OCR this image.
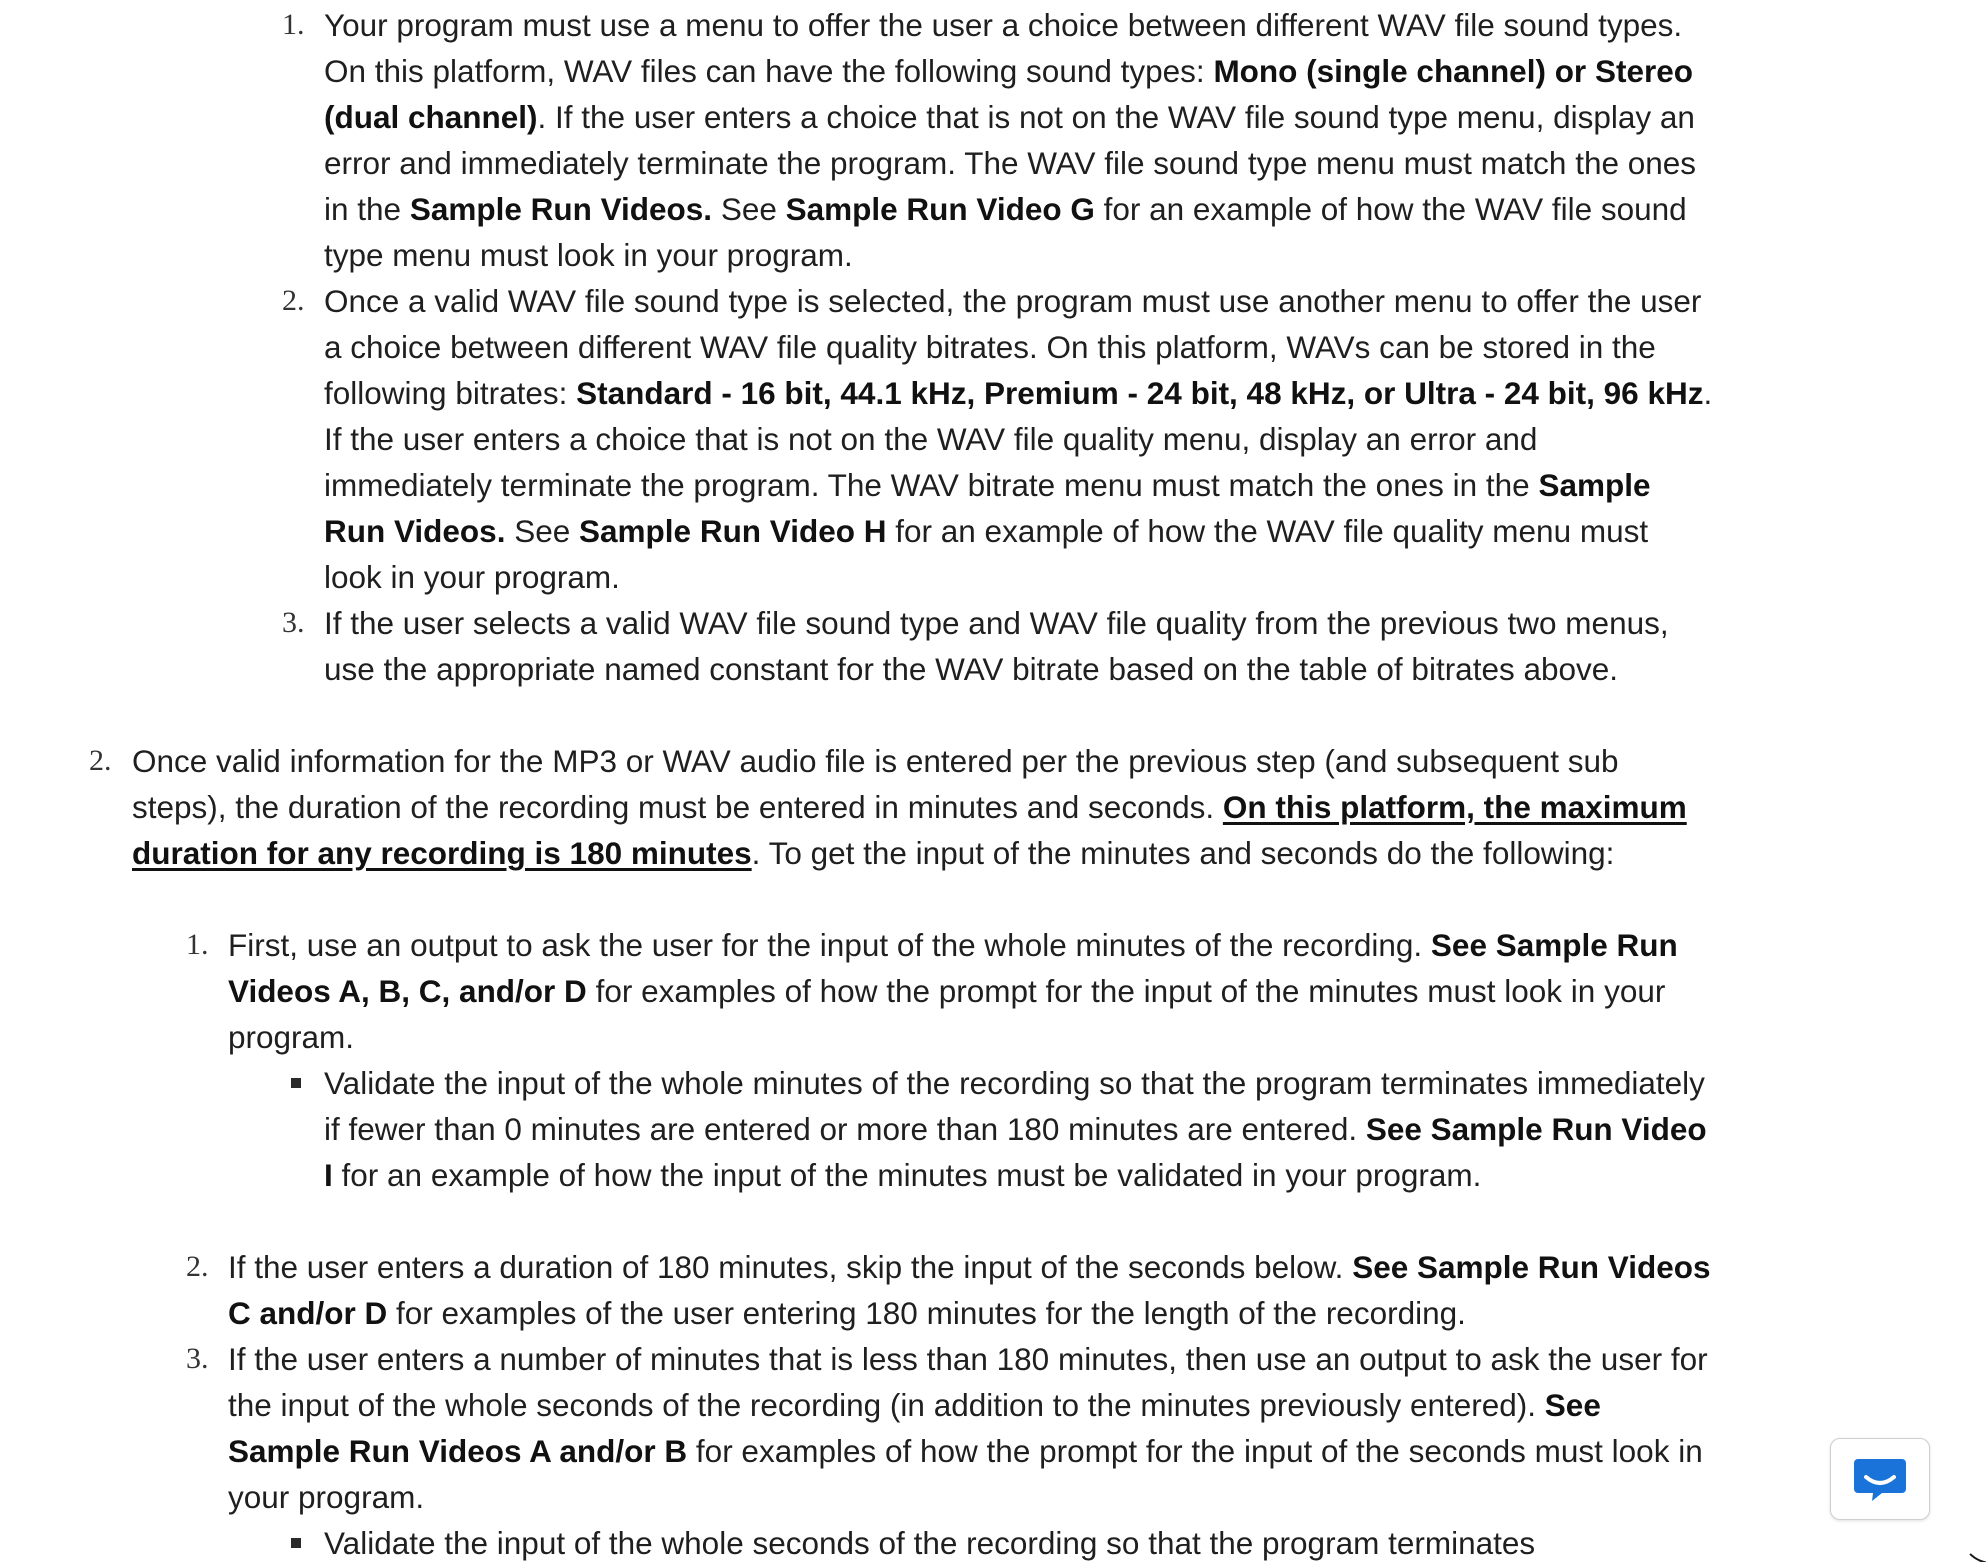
1. Your program must use a menu to offer the user a choice between different WAV file sound types. On this platform, WAV files can have the following sound types: Mono (single channel) or Stereo (dual channel). If the user enters a choice that is not on the WAV file sound type menu, display an error and immediately terminate the program. The WAV file sound type menu must match the ones in the Sample Run Videos. See Sample Run Video G for an example of how the WAV file sound type menu must look in your program.
2. Once a valid WAV file sound type is selected, the program must use another menu to offer the user a choice between different WAV file quality bitrates. On this platform, WAVs can be stored in the following bitrates: Standard - 16 bit, 44.1 kHz, Premium - 24 bit, 48 kHz, or Ultra - 24 bit, 96 kHz. If the user enters a choice that is not on the WAV file quality menu, display an error and immediately terminate the program. The WAV bitrate menu must match the ones in the Sample Run Videos. See Sample Run Video H for an example of how the WAV file quality menu must look in your program.
3. If the user selects a valid WAV file sound type and WAV file quality from the previous two menus, use the appropriate named constant for the WAV bitrate based on the table of bitrates above.
2. Once valid information for the MP3 or WAV audio file is entered per the previous step (and subsequent sub steps), the duration of the recording must be entered in minutes and seconds. On this platform, the maximum duration for any recording is 180 minutes. To get the input of the minutes and seconds do the following:
1. First, use an output to ask the user for the input of the whole minutes of the recording. See Sample Run Videos A, B, C, and/or D for examples of how the prompt for the input of the minutes must look in your program.
Validate the input of the whole minutes of the recording so that the program terminates immediately if fewer than 0 minutes are entered or more than 180 minutes are entered. See Sample Run Video I for an example of how the input of the minutes must be validated in your program.
2. If the user enters a duration of 180 minutes, skip the input of the seconds below. See Sample Run Videos C and/or D for examples of the user entering 180 minutes for the length of the recording.
3. If the user enters a number of minutes that is less than 180 minutes, then use an output to ask the user for the input of the whole seconds of the recording (in addition to the minutes previously entered). See Sample Run Videos A and/or B for examples of how the prompt for the input of the seconds must look in your program.
Validate the input of the whole seconds of the recording so that the program terminates
